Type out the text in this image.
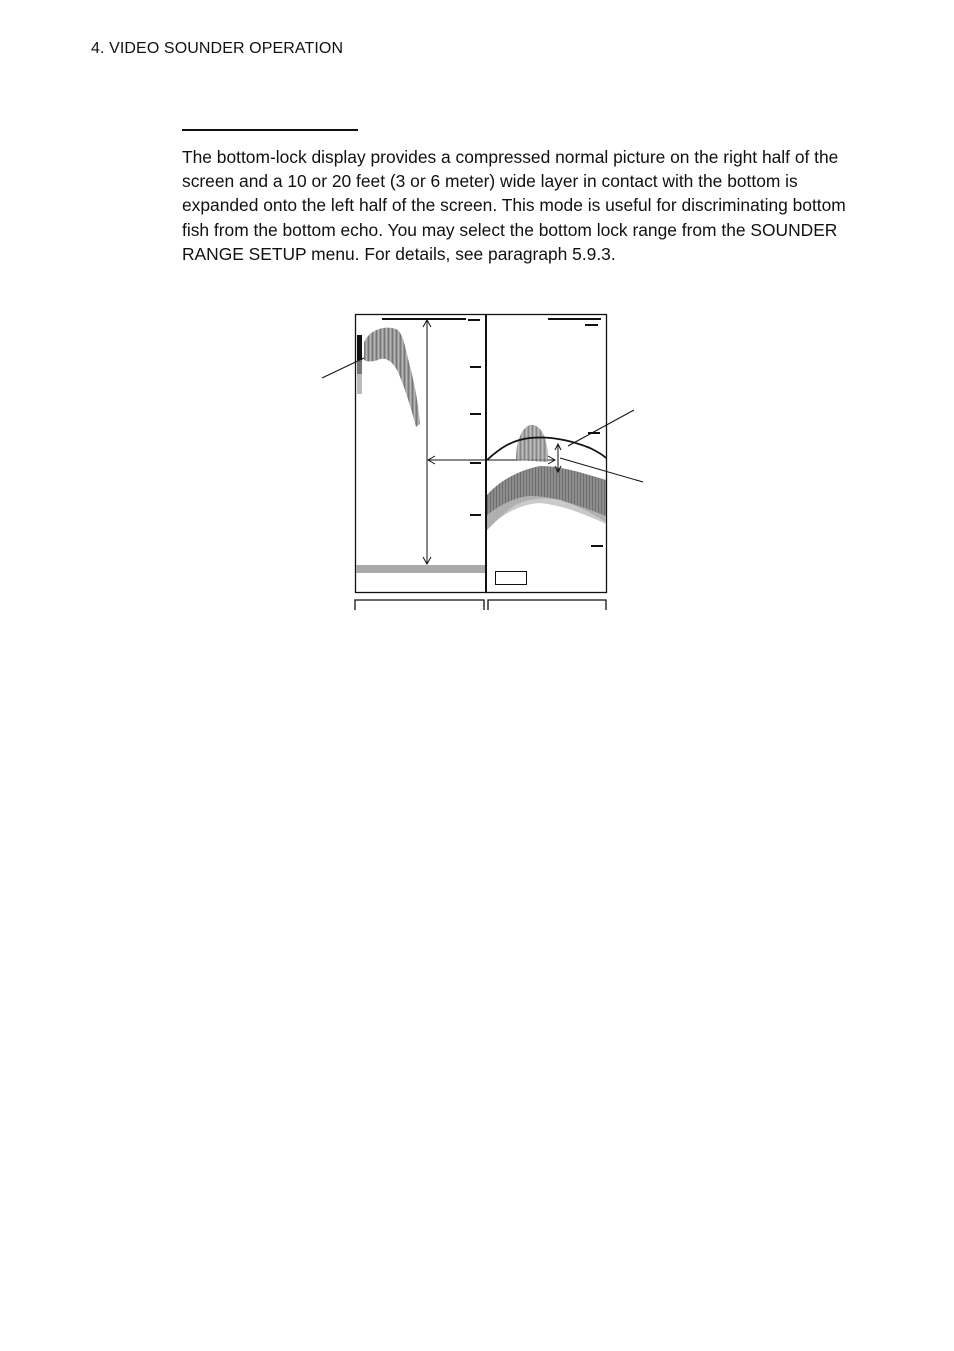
4. VIDEO SOUNDER OPERATION

The bottom-lock display provides a compressed normal picture on the right half of the screen and a 10 or 20 feet (3 or 6 meter) wide layer in contact with the bottom is expanded onto the left half of the screen. This mode is useful for discriminating bottom fish from the bottom echo. You may select the bottom lock range from the SOUNDER RANGE SETUP menu. For details, see paragraph 5.9.3.
